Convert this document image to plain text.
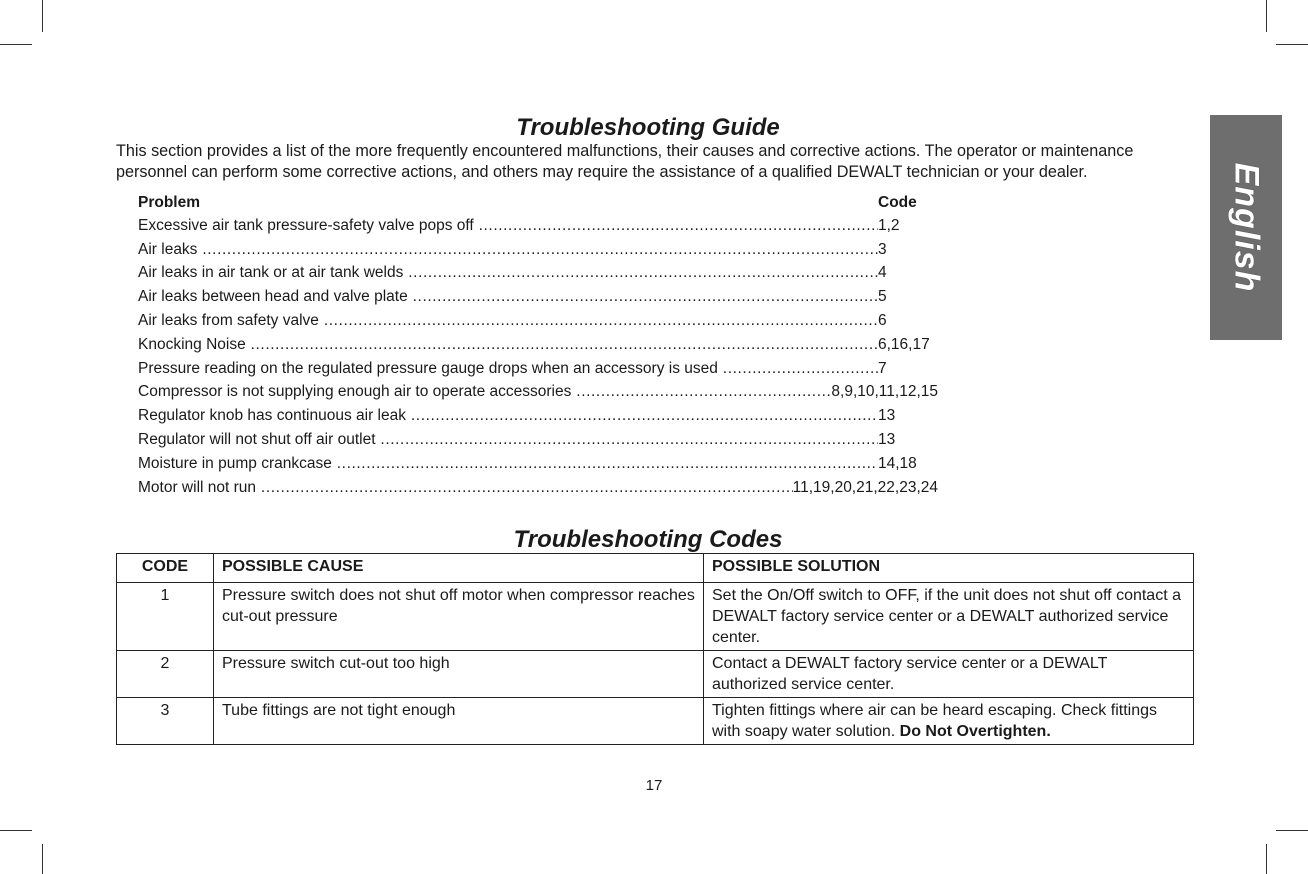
English
Troubleshooting Guide

This section provides a list of the more frequently encountered malfunctions, their causes and corrective actions. The operator or maintenance personnel can perform some corrective actions, and others may require the assistance of a qualified DEWALT technician or your dealer.

Problem	Code
Excessive air tank pressure-safety valve pops off .....	1,2
Air leaks .....	3
Air leaks in air tank or at air tank welds .....	4
Air leaks between head and valve plate .....	5
Air leaks from safety valve .....	6
Knocking Noise .....	6,16,17
Pressure reading on the regulated pressure gauge drops when an accessory is used .....	7
Compressor is not supplying enough air to operate accessories .....	8,9,10,11,12,15
Regulator knob has continuous air leak .....	13
Regulator will not shut off air outlet .....	13
Moisture in pump crankcase .....	14,18
Motor will not run .....	11,19,20,21,22,23,24
Troubleshooting Codes
CODE	POSSIBLE CAUSE	POSSIBLE SOLUTION
1	Pressure switch does not shut off motor when compressor reaches cut-out pressure	Set the On/Off switch to OFF, if the unit does not shut off contact a DEWALT factory service center or a DEWALT authorized service center.
2	Pressure switch cut-out too high	Contact a DEWALT factory service center or a DEWALT authorized service center.
3	Tube fittings are not tight enough	Tighten fittings where air can be heard escaping. Check fittings with soapy water solution. Do Not Overtighten.
17
